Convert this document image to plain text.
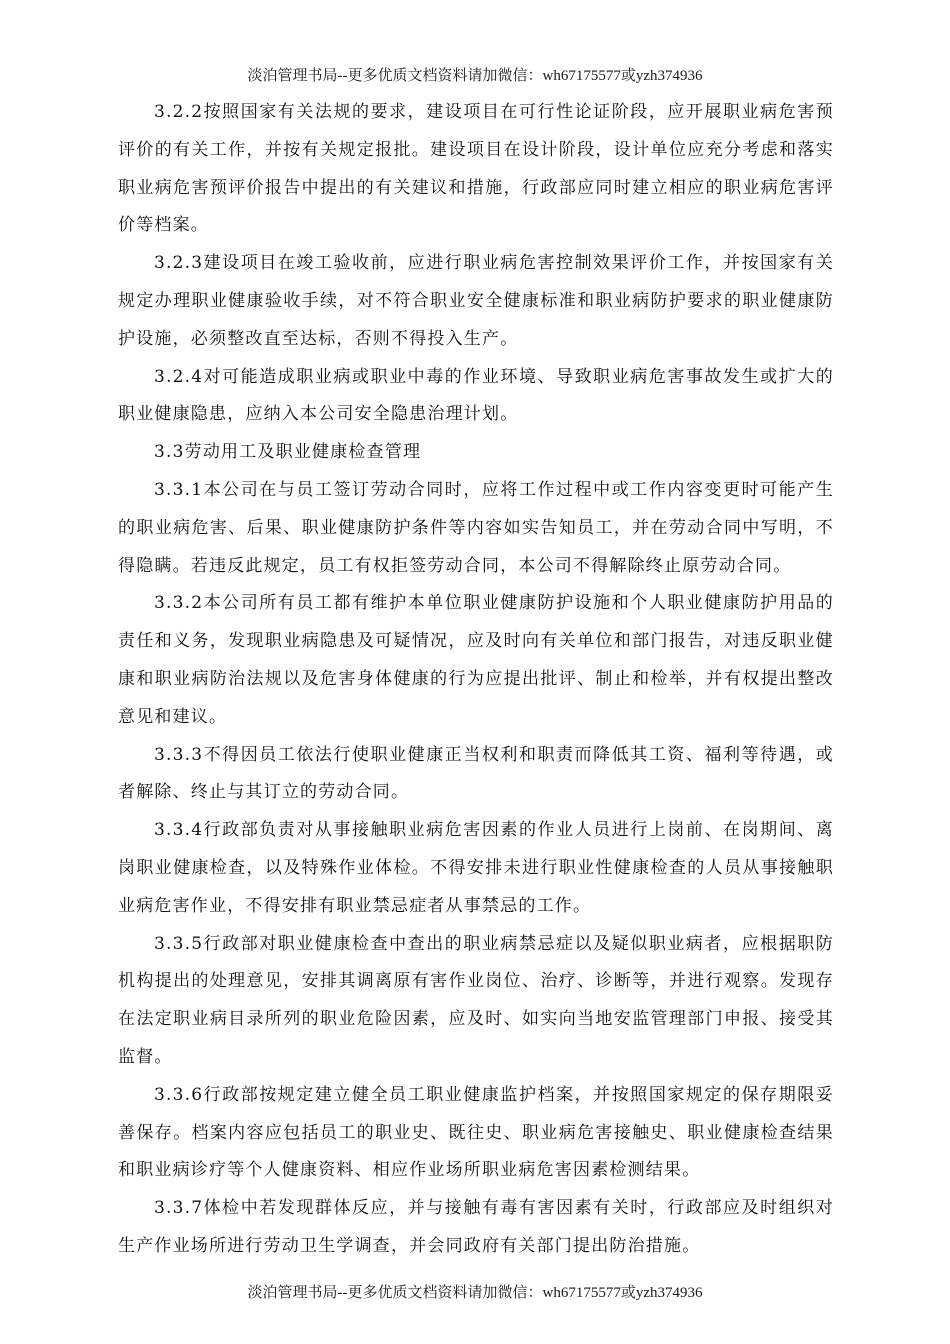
淡泊管理书局--更多优质文档资料请加微信：wh67175577或yzh374936

3.2.2按照国家有关法规的要求，建设项目在可行性论证阶段，应开展职业病危害预评价的有关工作，并按有关规定报批。建设项目在设计阶段，设计单位应充分考虑和落实职业病危害预评价报告中提出的有关建议和措施，行政部应同时建立相应的职业病危害评价等档案。

3.2.3建设项目在竣工验收前，应进行职业病危害控制效果评价工作，并按国家有关规定办理职业健康验收手续，对不符合职业安全健康标准和职业病防护要求的职业健康防护设施，必须整改直至达标，否则不得投入生产。

3.2.4对可能造成职业病或职业中毒的作业环境、导致职业病危害事故发生或扩大的职业健康隐患，应纳入本公司安全隐患治理计划。

3.3劳动用工及职业健康检查管理

3.3.1本公司在与员工签订劳动合同时，应将工作过程中或工作内容变更时可能产生的职业病危害、后果、职业健康防护条件等内容如实告知员工，并在劳动合同中写明，不得隐瞒。若违反此规定，员工有权拒签劳动合同，本公司不得解除终止原劳动合同。

3.3.2本公司所有员工都有维护本单位职业健康防护设施和个人职业健康防护用品的责任和义务，发现职业病隐患及可疑情况，应及时向有关单位和部门报告，对违反职业健康和职业病防治法规以及危害身体健康的行为应提出批评、制止和检举，并有权提出整改意见和建议。

3.3.3不得因员工依法行使职业健康正当权利和职责而降低其工资、福利等待遇，或者解除、终止与其订立的劳动合同。

3.3.4行政部负责对从事接触职业病危害因素的作业人员进行上岗前、在岗期间、离岗职业健康检查，以及特殊作业体检。不得安排未进行职业性健康检查的人员从事接触职业病危害作业，不得安排有职业禁忌症者从事禁忌的工作。

3.3.5行政部对职业健康检查中查出的职业病禁忌症以及疑似职业病者，应根据职防机构提出的处理意见，安排其调离原有害作业岗位、治疗、诊断等，并进行观察。发现存在法定职业病目录所列的职业危险因素，应及时、如实向当地安监管理部门申报、接受其监督。

3.3.6行政部按规定建立健全员工职业健康监护档案，并按照国家规定的保存期限妥善保存。档案内容应包括员工的职业史、既往史、职业病危害接触史、职业健康检查结果和职业病诊疗等个人健康资料、相应作业场所职业病危害因素检测结果。

3.3.7体检中若发现群体反应，并与接触有毒有害因素有关时，行政部应及时组织对生产作业场所进行劳动卫生学调查，并会同政府有关部门提出防治措施。

淡泊管理书局--更多优质文档资料请加微信：wh67175577或yzh374936
